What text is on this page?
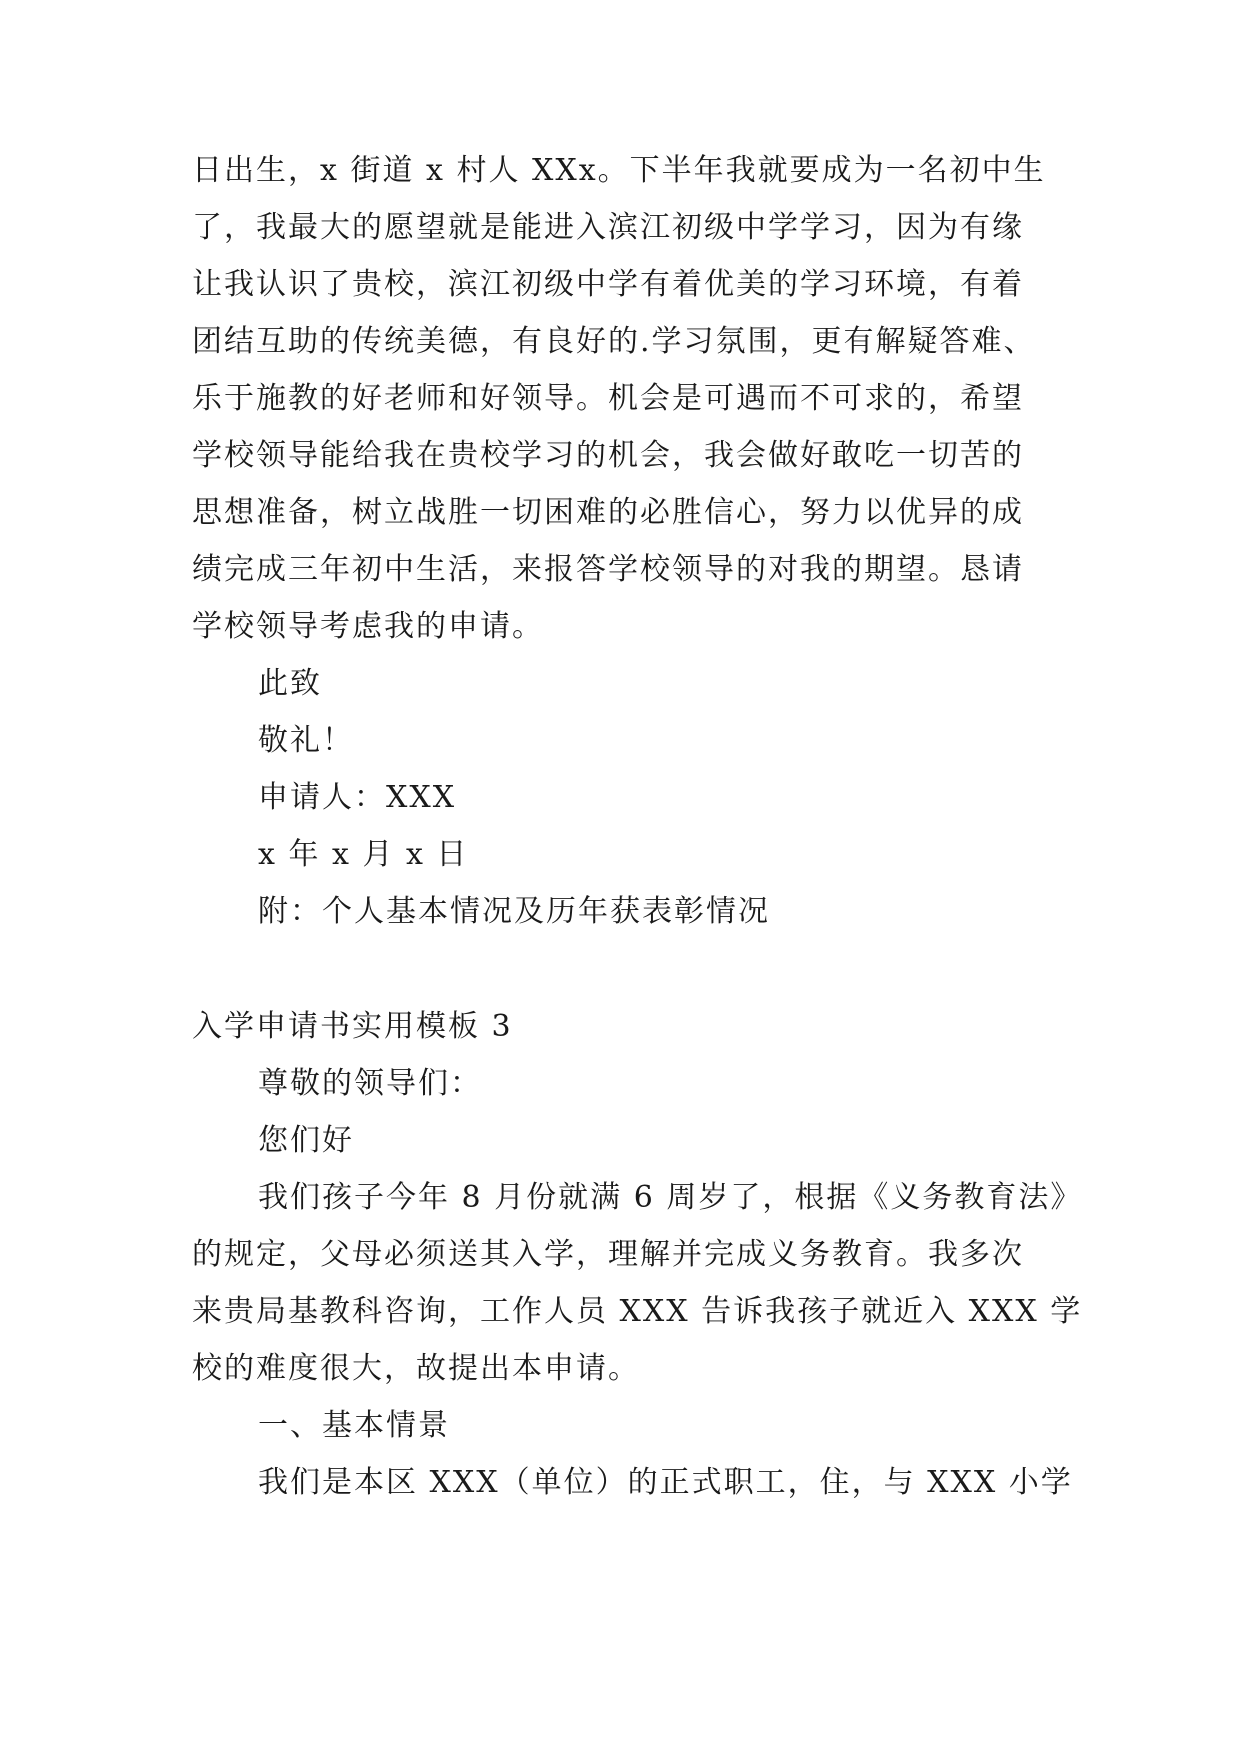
日出生，x 街道 x 村人 XXx。下半年我就要成为一名初中生
了，我最大的愿望就是能进入滨江初级中学学习，因为有缘
让我认识了贵校，滨江初级中学有着优美的学习环境，有着
团结互助的传统美德，有良好的.学习氛围，更有解疑答难、
乐于施教的好老师和好领导。机会是可遇而不可求的，希望
学校领导能给我在贵校学习的机会，我会做好敢吃一切苦的
思想准备，树立战胜一切困难的必胜信心，努力以优异的成
绩完成三年初中生活，来报答学校领导的对我的期望。恳请
学校领导考虑我的申请。
此致
敬礼！
申请人：XXX
x 年 x 月 x 日
附：个人基本情况及历年获表彰情况
入学申请书实用模板 3
尊敬的领导们：
您们好
我们孩子今年 8 月份就满 6 周岁了，根据《义务教育法》
的规定，父母必须送其入学，理解并完成义务教育。我多次
来贵局基教科咨询，工作人员 XXX 告诉我孩子就近入 XXX 学
校的难度很大，故提出本申请。
一、基本情景
我们是本区 XXX（单位）的正式职工，住，与 XXX 小学
